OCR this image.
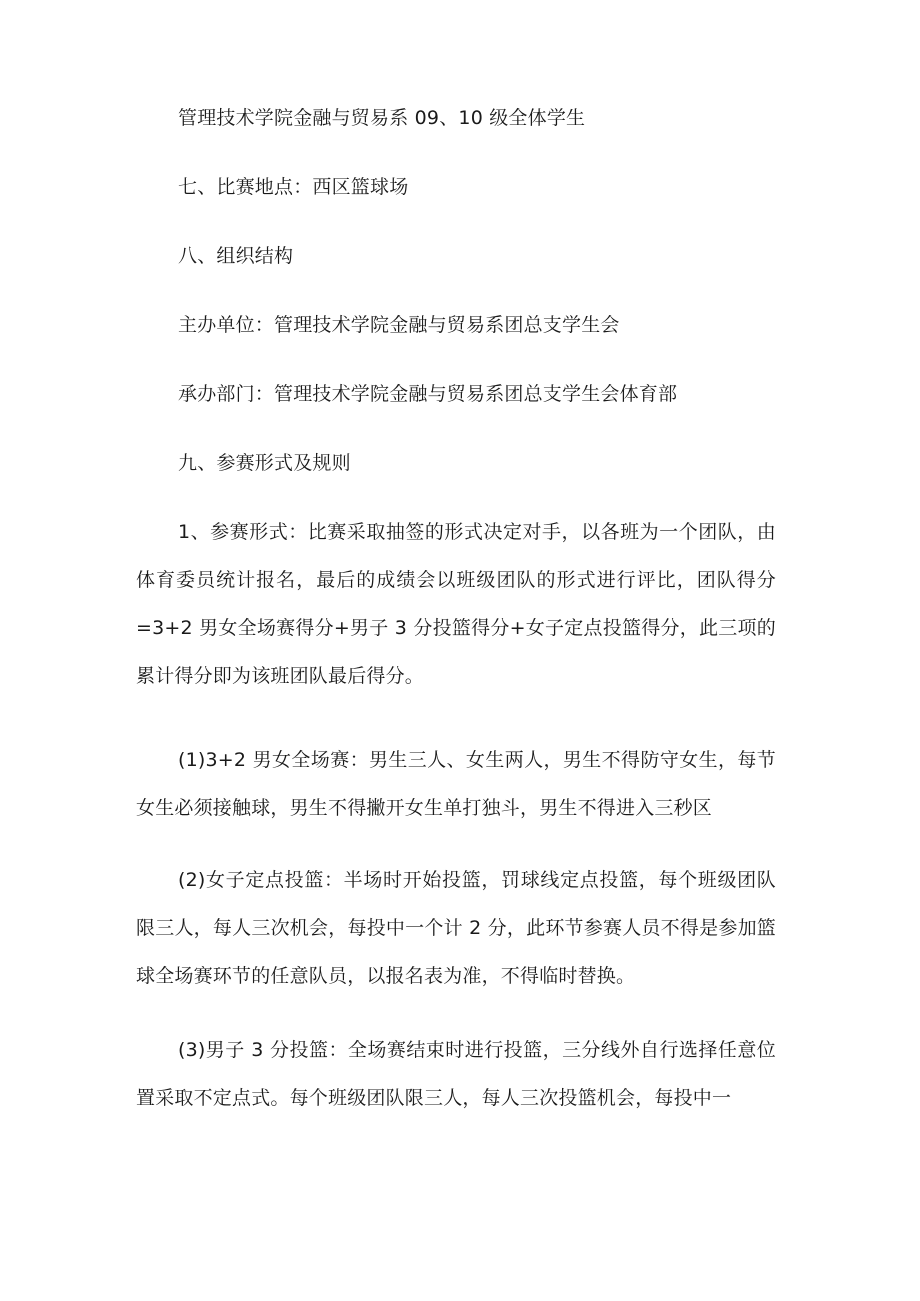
管理技术学院金融与贸易系 09、10 级全体学生
七、比赛地点：西区篮球场
八、组织结构
主办单位：管理技术学院金融与贸易系团总支学生会
承办部门：管理技术学院金融与贸易系团总支学生会体育部
九、参赛形式及规则
1、参赛形式：比赛采取抽签的形式决定对手，以各班为一个团队，由体育委员统计报名，最后的成绩会以班级团队的形式进行评比，团队得分=3+2 男女全场赛得分+男子 3 分投篮得分+女子定点投篮得分，此三项的累计得分即为该班团队最后得分。
(1)3+2 男女全场赛：男生三人、女生两人，男生不得防守女生，每节女生必须接触球，男生不得撇开女生单打独斗，男生不得进入三秒区
(2)女子定点投篮：半场时开始投篮，罚球线定点投篮，每个班级团队限三人，每人三次机会，每投中一个计 2 分，此环节参赛人员不得是参加篮球全场赛环节的任意队员，以报名表为准，不得临时替换。
(3)男子 3 分投篮：全场赛结束时进行投篮，三分线外自行选择任意位置采取不定点式。每个班级团队限三人，每人三次投篮机会，每投中一
